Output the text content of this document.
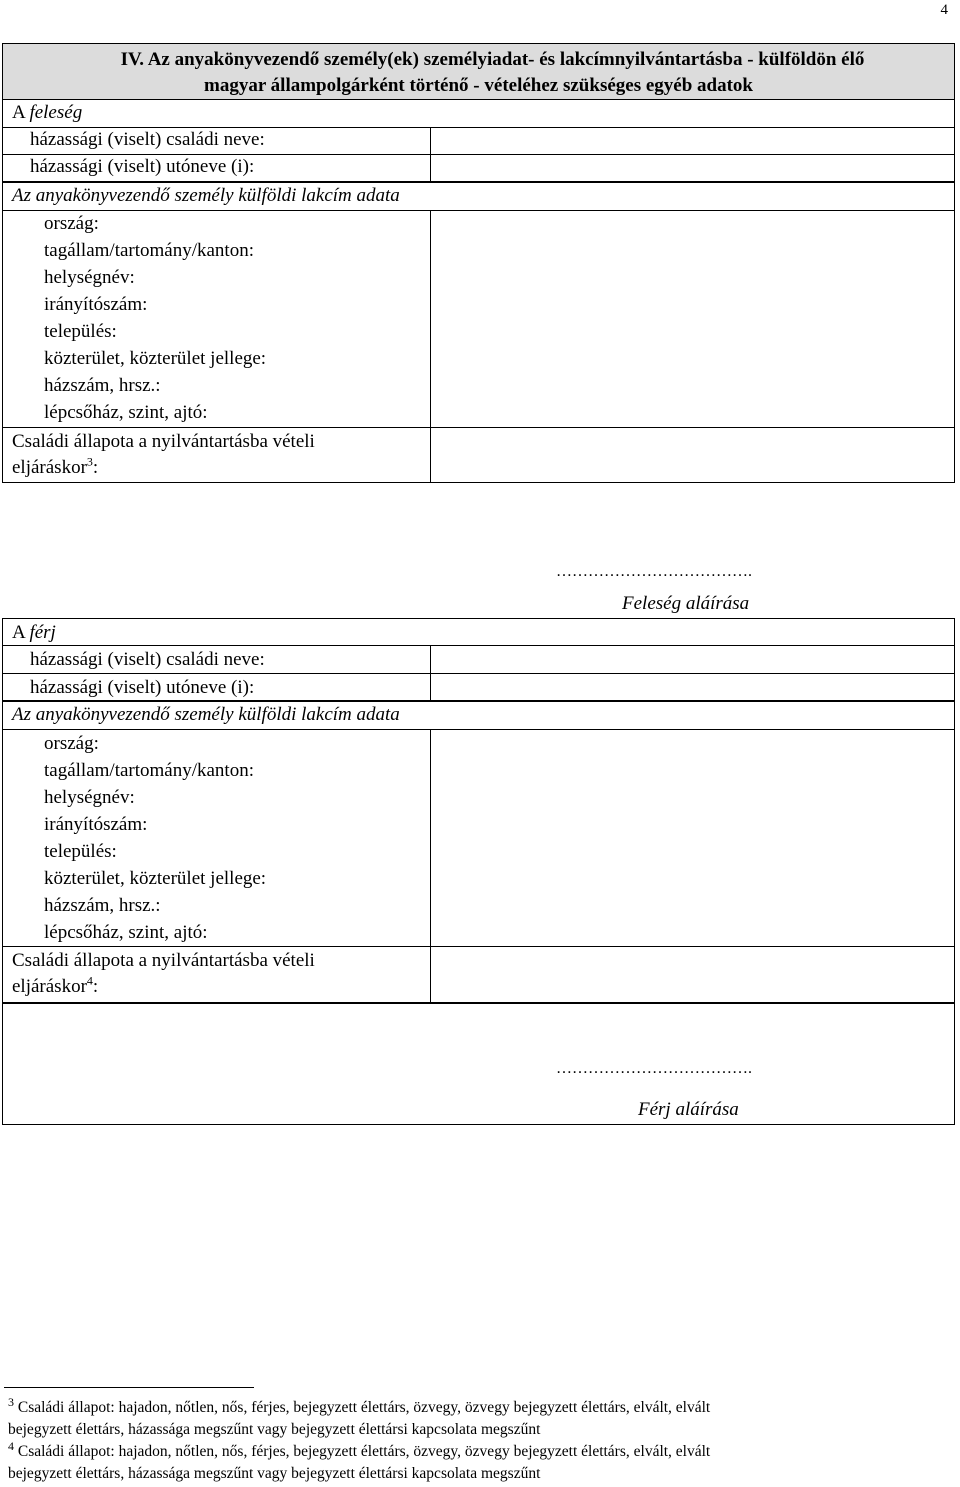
4
IV. Az anyakönyvezendő személy(ek) személyiadat- és lakcímnyilvántartásba - külföldön élő
magyar állampolgárként történő - vételéhez szükséges egyéb adatok
A feleség
házassági (viselt) családi neve:
házassági (viselt) utóneve (i):
Az anyakönyvezendő személy külföldi lakcím adata
ország:
tagállam/tartomány/kanton:
helységnév:
irányítószám:
település:
közterület, közterület jellege:
házszám, hrsz.:
lépcsőház, szint, ajtó:
Családi állapota a nyilvántartásba vételi
eljáráskor$^3$:
……………………………….
Feleség aláírása
A férj
házassági (viselt) családi neve:
házassági (viselt) utóneve (i):
Az anyakönyvezendő személy külföldi lakcím adata
ország:
tagállam/tartomány/kanton:
helységnév:
irányítószám:
település:
közterület, közterület jellege:
házszám, hrsz.:
lépcsőház, szint, ajtó:
Családi állapota a nyilvántartásba vételi
eljáráskor$^4$:
……………………………….
Férj aláírása
$^3$ Családi állapot: hajadon, nőtlen, nős, férjes, bejegyzett élettárs, özvegy, özvegy bejegyzett élettárs, elvált, elvált
bejegyzett élettárs, házassága megszűnt vagy bejegyzett élettársi kapcsolata megszűnt
$^4$ Családi állapot: hajadon, nőtlen, nős, férjes, bejegyzett élettárs, özvegy, özvegy bejegyzett élettárs, elvált, elvált
bejegyzett élettárs, házassága megszűnt vagy bejegyzett élettársi kapcsolata megszűnt
